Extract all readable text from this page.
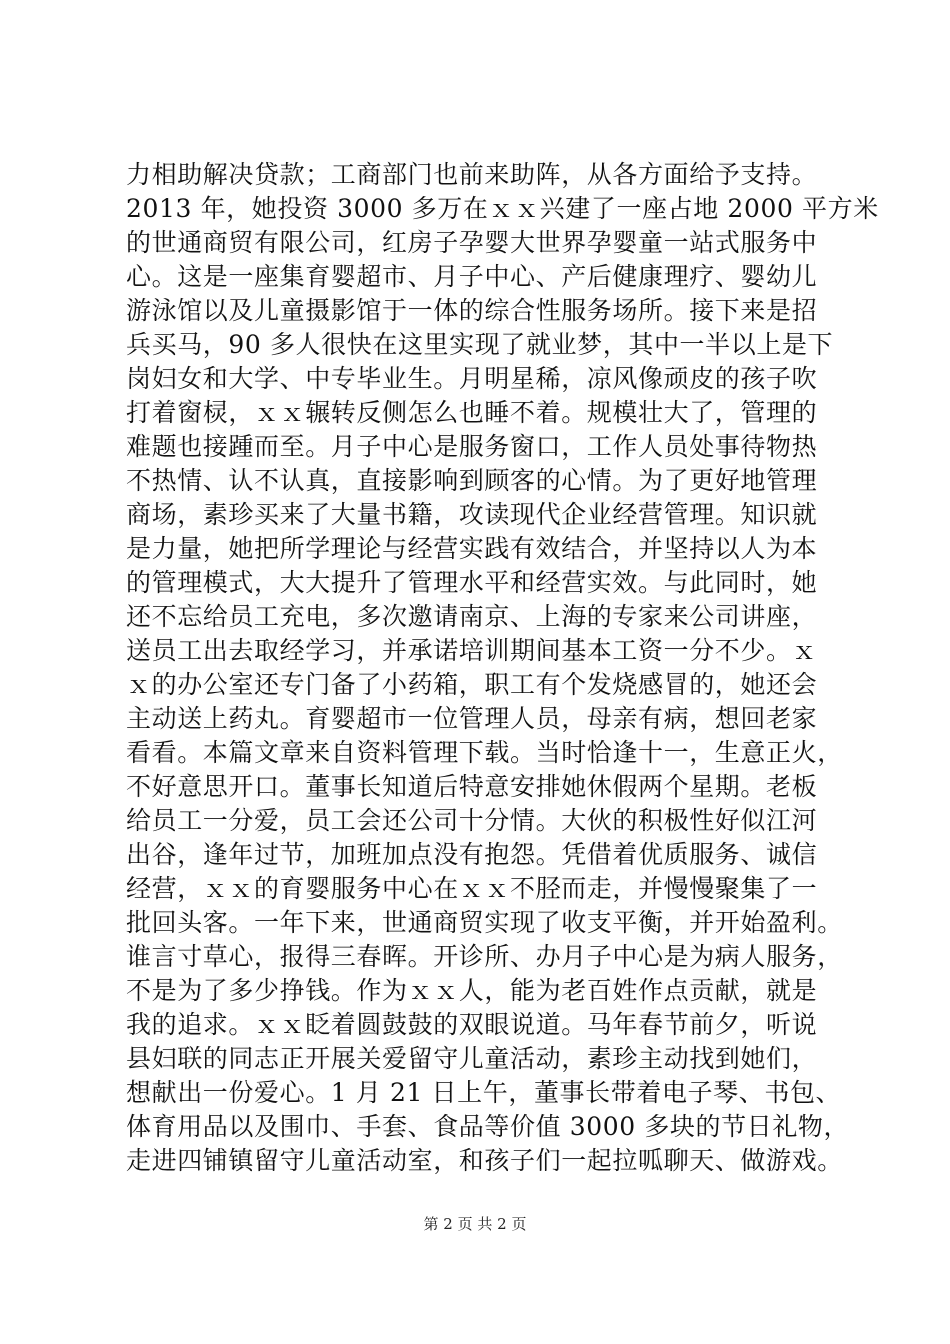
力相助解决贷款；工商部门也前来助阵，从各方面给予支持。
2013 年，她投资 3000 多万在ｘｘ兴建了一座占地 2000 平方米
的世通商贸有限公司，红房子孕婴大世界孕婴童一站式服务中
心。这是一座集育婴超市、月子中心、产后健康理疗、婴幼儿
游泳馆以及儿童摄影馆于一体的综合性服务场所。接下来是招
兵买马，90 多人很快在这里实现了就业梦，其中一半以上是下
岗妇女和大学、中专毕业生。月明星稀，凉风像顽皮的孩子吹
打着窗棂，ｘｘ辗转反侧怎么也睡不着。规模壮大了，管理的
难题也接踵而至。月子中心是服务窗口，工作人员处事待物热
不热情、认不认真，直接影响到顾客的心情。为了更好地管理
商场，素珍买来了大量书籍，攻读现代企业经营管理。知识就
是力量，她把所学理论与经营实践有效结合，并坚持以人为本
的管理模式，大大提升了管理水平和经营实效。与此同时，她
还不忘给员工充电，多次邀请南京、上海的专家来公司讲座，
送员工出去取经学习，并承诺培训期间基本工资一分不少。ｘ
ｘ的办公室还专门备了小药箱，职工有个发烧感冒的，她还会
主动送上药丸。育婴超市一位管理人员，母亲有病，想回老家
看看。本篇文章来自资料管理下载。当时恰逢十一，生意正火，
不好意思开口。董事长知道后特意安排她休假两个星期。老板
给员工一分爱，员工会还公司十分情。大伙的积极性好似江河
出谷，逢年过节，加班加点没有抱怨。凭借着优质服务、诚信
经营，ｘｘ的育婴服务中心在ｘｘ不胫而走，并慢慢聚集了一
批回头客。一年下来，世通商贸实现了收支平衡，并开始盈利。
谁言寸草心，报得三春晖。开诊所、办月子中心是为病人服务，
不是为了多少挣钱。作为ｘｘ人，能为老百姓作点贡献，就是
我的追求。ｘｘ眨着圆鼓鼓的双眼说道。马年春节前夕，听说
县妇联的同志正开展关爱留守儿童活动，素珍主动找到她们，
想献出一份爱心。1 月 21 日上午，董事长带着电子琴、书包、
体育用品以及围巾、手套、食品等价值 3000 多块的节日礼物，
走进四铺镇留守儿童活动室，和孩子们一起拉呱聊天、做游戏。
第 2 页 共 2 页
